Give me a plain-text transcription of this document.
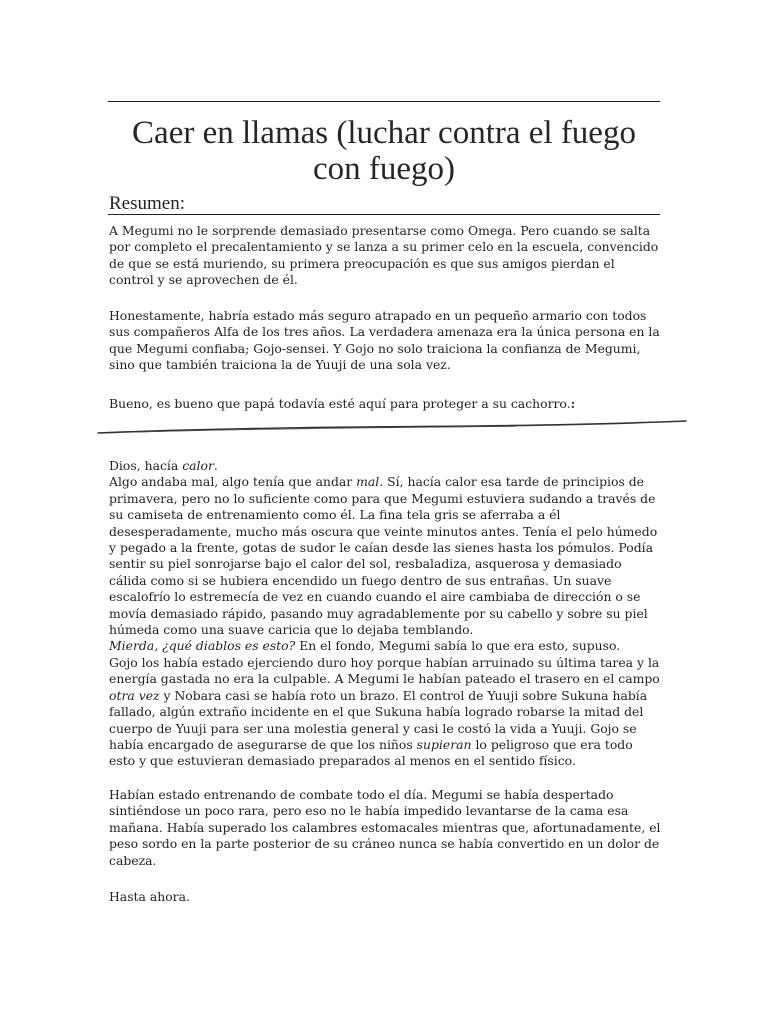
Caer en llamas (luchar contra el fuego con fuego)
Resumen:

A Megumi no le sorprende demasiado presentarse como Omega. Pero cuando se salta por completo el precalentamiento y se lanza a su primer celo en la escuela, convencido de que se está muriendo, su primera preocupación es que sus amigos pierdan el control y se aprovechen de él.

Honestamente, habría estado más seguro atrapado en un pequeño armario con todos sus compañeros Alfa de los tres años. La verdadera amenaza era la única persona en la que Megumi confiaba; Gojo-sensei. Y Gojo no solo traiciona la confianza de Megumi, sino que también traiciona la de Yuuji de una sola vez.

Bueno, es bueno que papá todavía esté aquí para proteger a su cachorro.:

Dios, hacía calor.

Algo andaba mal, algo tenía que andar mal. Sí, hacía calor esa tarde de principios de primavera, pero no lo suficiente como para que Megumi estuviera sudando a través de su camiseta de entrenamiento como él. La fina tela gris se aferraba a él desesperadamente, mucho más oscura que veinte minutos antes. Tenía el pelo húmedo y pegado a la frente, gotas de sudor le caían desde las sienes hasta los pómulos. Podía sentir su piel sonrojarse bajo el calor del sol, resbaladiza, asquerosa y demasiado cálida como si se hubiera encendido un fuego dentro de sus entrañas. Un suave escalofrío lo estremecía de vez en cuando cuando el aire cambiaba de dirección o se movía demasiado rápido, pasando muy agradablemente por su cabello y sobre su piel húmeda como una suave caricia que lo dejaba temblando.

Mierda, ¿qué diablos es esto? En el fondo, Megumi sabía lo que era esto, supuso.

Gojo los había estado ejerciendo duro hoy porque habían arruinado su última tarea y la energía gastada no era la culpable. A Megumi le habían pateado el trasero en el campo otra vez y Nobara casi se había roto un brazo. El control de Yuuji sobre Sukuna había fallado, algún extraño incidente en el que Sukuna había logrado robarse la mitad del cuerpo de Yuuji para ser una molestia general y casi le costó la vida a Yuuji. Gojo se había encargado de asegurarse de que los niños supieran lo peligroso que era todo esto y que estuvieran demasiado preparados al menos en el sentido físico.

Habían estado entrenando de combate todo el día. Megumi se había despertado sintiéndose un poco rara, pero eso no le había impedido levantarse de la cama esa mañana. Había superado los calambres estomacales mientras que, afortunadamente, el peso sordo en la parte posterior de su cráneo nunca se había convertido en un dolor de cabeza.

Hasta ahora.
